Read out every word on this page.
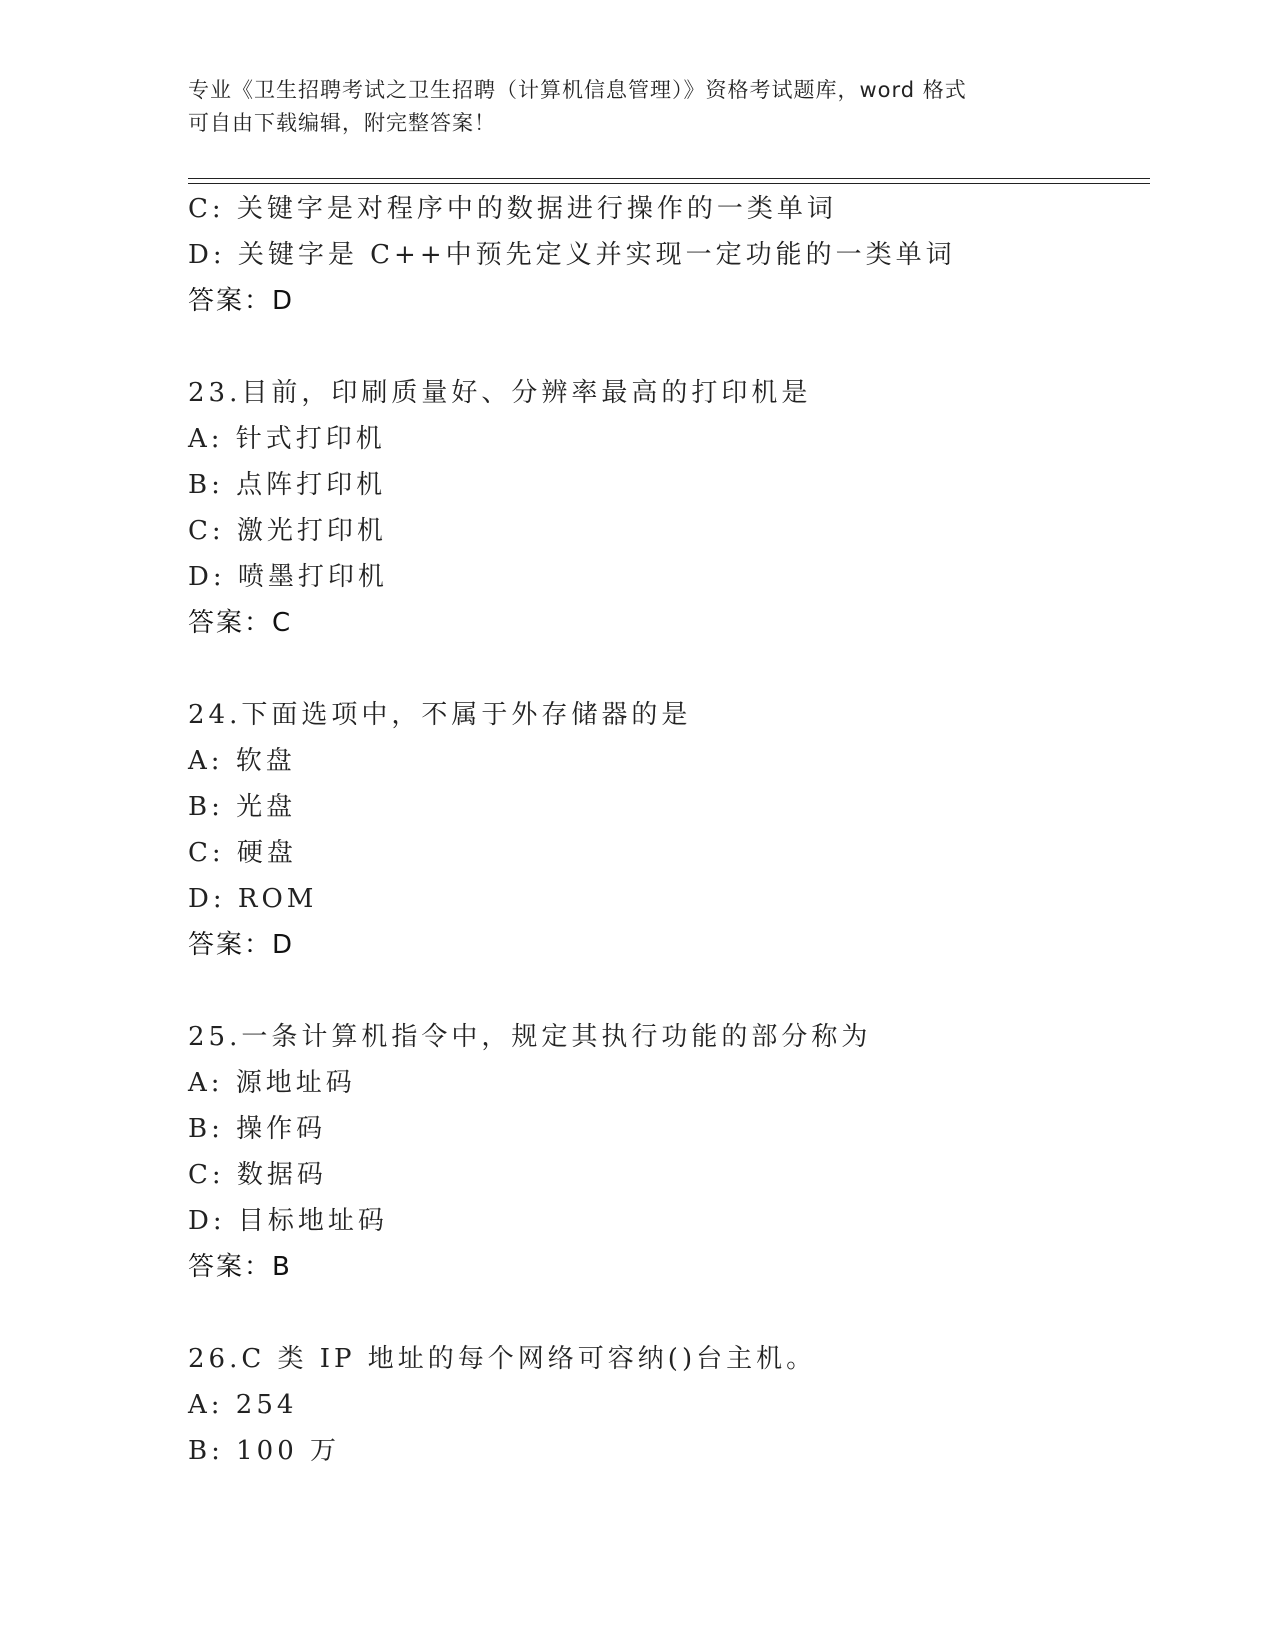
专业《卫生招聘考试之卫生招聘（计算机信息管理）》资格考试题库，word 格式
可自由下载编辑，附完整答案！
C: 关键字是对程序中的数据进行操作的一类单词
D: 关键字是 C++中预先定义并实现一定功能的一类单词
答案：D
23.目前，印刷质量好、分辨率最高的打印机是
A: 针式打印机
B: 点阵打印机
C: 激光打印机
D: 喷墨打印机
答案：C
24.下面选项中，不属于外存储器的是
A: 软盘
B: 光盘
C: 硬盘
D: ROM
答案：D
25.一条计算机指令中，规定其执行功能的部分称为
A: 源地址码
B: 操作码
C: 数据码
D: 目标地址码
答案：B
26.C 类 IP 地址的每个网络可容纳()台主机。
A: 254
B: 100 万
